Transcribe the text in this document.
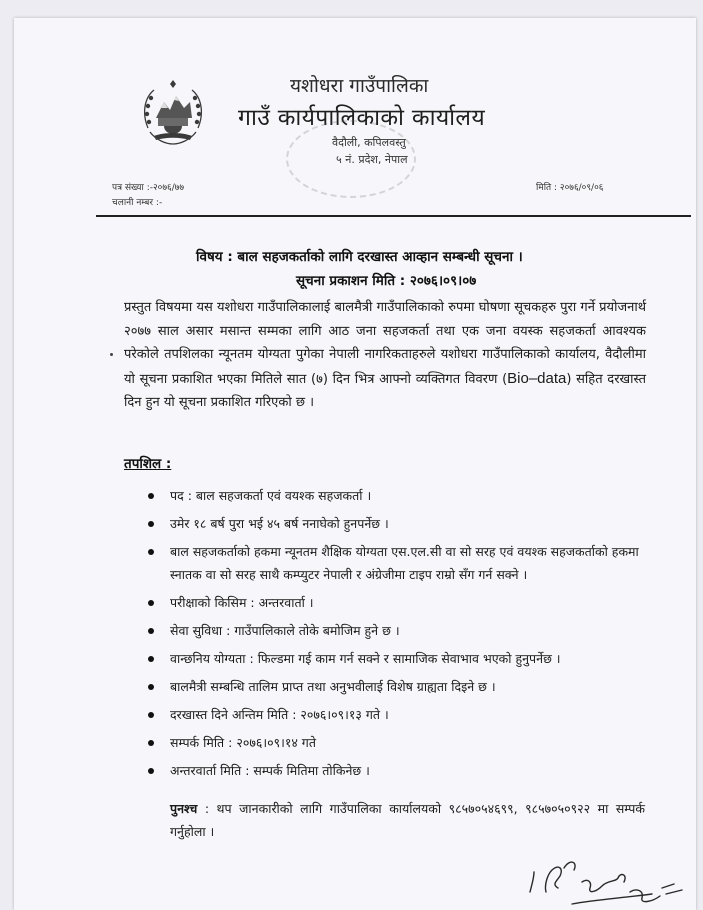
यशोधरा गाउँपालिका
गाउँ कार्यपालिकाको कार्यालय
वैदौली, कपिलवस्तु
५ नं. प्रदेश, नेपाल
पत्र संख्या :-२०७६/७७
चलानी नम्बर :-
मिति : २०७६/०९/०६
विषय : बाल सहजकर्ताको लागि दरखास्त आव्हान सम्बन्धी सूचना ।
सूचना प्रकाशन मिति : २०७६।०९।०७
प्रस्तुत विषयमा यस यशोधरा गाउँपालिकालाई बालमैत्री गाउँपालिकाको रुपमा घोषणा सूचकहरु पुरा गर्ने प्रयोजनार्थ २०७७ साल असार मसान्त सम्मका लागि आठ जना सहजकर्ता तथा एक जना वयस्क सहजकर्ता आवश्यक परेकोले तपशिलका न्यूनतम योग्यता पुगेका नेपाली नागरिकताहरुले यशोधरा गाउँपालिकाको कार्यालय, वैदौलीमा यो सूचना प्रकाशित भएका मितिले सात (७) दिन भित्र आफ्नो व्यक्तिगत विवरण (Bio–data) सहित दरखास्त दिन हुन यो सूचना प्रकाशित गरिएको छ ।
तपशिल :
पद : बाल सहजकर्ता एवं वयश्क सहजकर्ता ।
उमेर १८ बर्ष पुरा भई ४५ बर्ष ननाघेको हुनपर्नेछ ।
बाल सहजकर्ताको हकमा न्यूनतम शैक्षिक योग्यता एस.एल.सी वा सो सरह एवं वयश्क सहजकर्ताको हकमा स्नातक वा सो सरह साथै कम्प्युटर नेपाली र अंग्रेजीमा टाइप राम्रो सँग गर्न सक्ने ।
परीक्षाको किसिम : अन्तरवार्ता ।
सेवा सुविधा : गाउँपालिकाले तोके बमोजिम हुने छ ।
वान्छनिय योग्यता : फिल्डमा गई काम गर्न सक्ने र सामाजिक सेवाभाव भएको हुनुपर्नेछ ।
बालमैत्री सम्बन्धि तालिम प्राप्त तथा अनुभवीलाई विशेष ग्राह्यता दिइने छ ।
दरखास्त दिने अन्तिम मिति : २०७६।०९।१३ गते ।
सम्पर्क मिति : २०७६।०९।१४ गते
अन्तरवार्ता मिति : सम्पर्क मितिमा तोकिनेछ ।
पुनश्च : थप जानकारीको लागि गाउँपालिका कार्यालयको ९८५७०५४६९९, ९८५७०५०९२२ मा सम्पर्क गर्नुहोला ।
